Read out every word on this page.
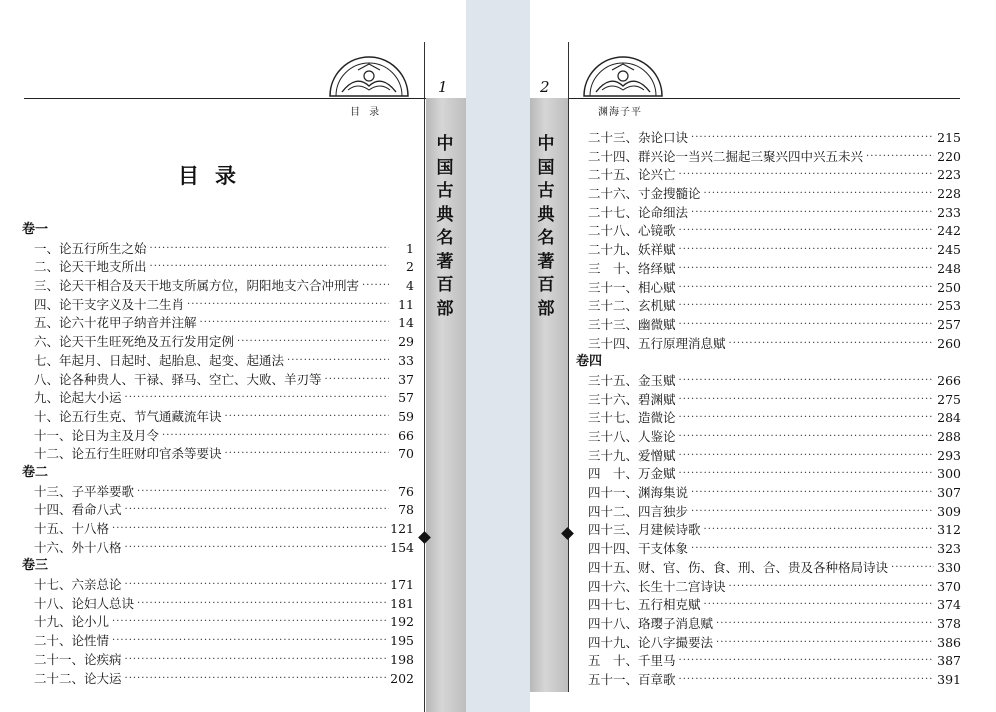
1
目 录
中
国
古
典
名
著
百
部
目录
卷一
一、论五行所生之始 ·····	1
二、论天干地支所出 ·····	2
三、论天干相合及天干地支所属方位，阴阳地支六合冲刑害 ·····	4
四、论干支字义及十二生肖 ·····	11
五、论六十花甲子纳音并注解 ·····	14
六、论天干生旺死绝及五行发用定例 ·····	29
七、年起月、日起时、起胎息、起变、起通法 ·····	33
八、论各种贵人、干禄、驿马、空亡、大败、羊刃等 ·····	37
九、论起大小运 ·····	57
十、论五行生克、节气通藏流年诀 ·····	59
十一、论日为主及月令 ·····	66
十二、论五行生旺财印官杀等要诀 ·····	70
卷二
十三、子平举要歌 ·····	76
十四、看命八式 ·····	78
十五、十八格 ·····	121
十六、外十八格 ·····	154
卷三
十七、六亲总论 ·····	171
十八、论妇人总诀 ·····	181
十九、论小儿 ·····	192
二十、论性情 ·····	195
二十一、论疾病 ·····	198
二十二、论大运 ·····	202
2
渊海子平
中
国
古
典
名
著
百
部
二十三、杂论口诀 ·····	215
二十四、群兴论一当兴二掘起三聚兴四中兴五未兴 ·····	220
二十五、论兴亡 ·····	223
二十六、寸金搜髓论 ·····	228
二十七、论命细法 ·····	233
二十八、心镜歌 ·····	242
二十九、妖祥赋 ·····	245
三　十、络绎赋 ·····	248
三十一、相心赋 ·····	250
三十二、玄机赋 ·····	253
三十三、幽微赋 ·····	257
三十四、五行原理消息赋 ·····	260
卷四
三十五、金玉赋 ·····	266
三十六、碧渊赋 ·····	275
三十七、造微论 ·····	284
三十八、人鉴论 ·····	288
三十九、爱憎赋 ·····	293
四　十、万金赋 ·····	300
四十一、渊海集说 ·····	307
四十二、四言独步 ·····	309
四十三、月建候诗歌 ·····	312
四十四、干支体象 ·····	323
四十五、财、官、伤、食、刑、合、贵及各种格局诗诀 ·····	330
四十六、长生十二宫诗诀 ·····	370
四十七、五行相克赋 ·····	374
四十八、珞璎子消息赋 ·····	378
四十九、论八字撮要法 ·····	386
五　十、千里马 ·····	387
五十一、百章歌 ·····	391
